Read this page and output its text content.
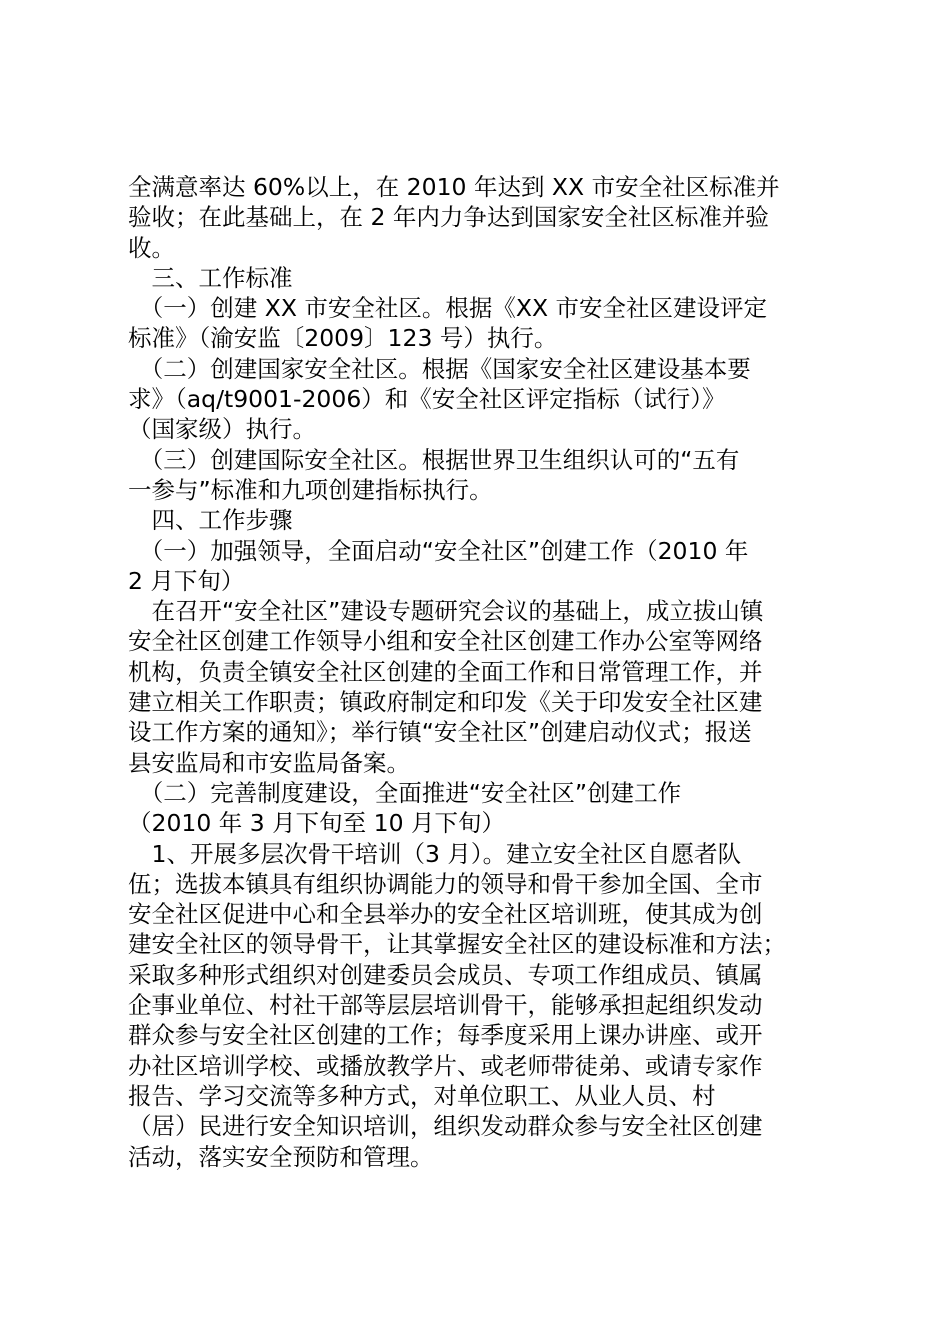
全满意率达 60%以上，在 2010 年达到 XX 市安全社区标准并
验收；在此基础上，在 2 年内力争达到国家安全社区标准并验
收。
　三、工作标准
　（一）创建 XX 市安全社区。根据《XX 市安全社区建设评定
标准》（渝安监〔2009〕123 号）执行。
　（二）创建国家安全社区。根据《国家安全社区建设基本要
求》（aq/t9001-2006）和《安全社区评定指标（试行）》
（国家级）执行。
　（三）创建国际安全社区。根据世界卫生组织认可的“五有
一参与”标准和九项创建指标执行。
　四、工作步骤
　（一）加强领导，全面启动“安全社区”创建工作（2010 年
2 月下旬）
　在召开“安全社区”建设专题研究会议的基础上，成立拔山镇
安全社区创建工作领导小组和安全社区创建工作办公室等网络
机构，负责全镇安全社区创建的全面工作和日常管理工作，并
建立相关工作职责；镇政府制定和印发《关于印发安全社区建
设工作方案的通知》；举行镇“安全社区”创建启动仪式；报送
县安监局和市安监局备案。
　（二）完善制度建设，全面推进“安全社区”创建工作
（2010 年 3 月下旬至 10 月下旬）
　1、开展多层次骨干培训（3 月）。建立安全社区自愿者队
伍；选拔本镇具有组织协调能力的领导和骨干参加全国、全市
安全社区促进中心和全县举办的安全社区培训班，使其成为创
建安全社区的领导骨干，让其掌握安全社区的建设标准和方法；
采取多种形式组织对创建委员会成员、专项工作组成员、镇属
企事业单位、村社干部等层层培训骨干，能够承担起组织发动
群众参与安全社区创建的工作；每季度采用上课办讲座、或开
办社区培训学校、或播放教学片、或老师带徒弟、或请专家作
报告、学习交流等多种方式，对单位职工、从业人员、村
（居）民进行安全知识培训，组织发动群众参与安全社区创建
活动，落实安全预防和管理。
